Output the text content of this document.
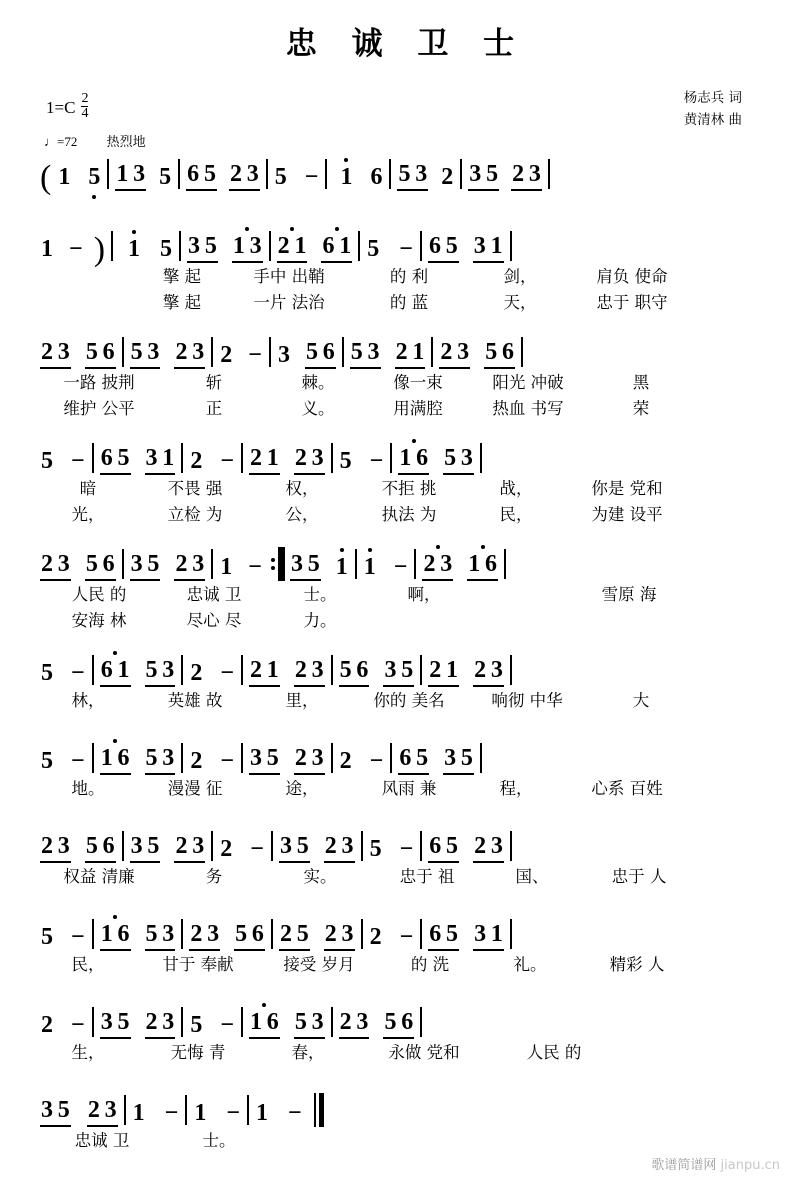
忠 诚 卫 士
$1=C \frac{2}{4}$	杨志兵 词
黄清林 曲
♩=72 热烈地
( 1 5 1 3 5 6 5 2 3 5 − 1 6 5 3 2 3 5 2 3
1 − ) 1 5 3 5 1 3 2 1 6 1 5 − 6 5 3 1
擎 起	手中 出鞘	的 利	剑，	肩负 使命
擎 起	一片 法治	的 蓝	天，	忠于 职守
2 3 5 6 5 3 2 3 2 − 3 5 6 5 3 2 1 2 3 5 6
一路 披荆	斩	棘。	像一束	阳光 冲破	黑
维护 公平	正	义。	用满腔	热血 书写	荣
5 − 6 5 3 1 2 − 2 1 2 3 5 − 1 6 5 3
暗	不畏 强	权，	不拒 挑	战，	你是 党和
光，	立检 为	公，	执法 为	民，	为建 设平
2 3 5 6 3 5 2 3 1 − 3 5 1 1 − 2 3 1 6
人民 的	忠诚 卫	士。	啊，	雪原 海
安海 林	尽心 尽	力。
5 − 6 1 5 3 2 − 2 1 2 3 5 6 3 5 2 1 2 3
林，	英雄 故	里，	你的 美名	响彻 中华	大
5 − 1 6 5 3 2 − 3 5 2 3 2 − 6 5 3 5
地。	漫漫 征	途，	风雨 兼	程，	心系 百姓
2 3 5 6 3 5 2 3 2 − 3 5 2 3 5 − 6 5 2 3
权益 清廉	务	实。	忠于 祖	国、	忠于 人
5 − 1 6 5 3 2 3 5 6 2 5 2 3 2 − 6 5 3 1
民，	甘于 奉献	接受 岁月	的 洗	礼。	精彩 人
2 − 3 5 2 3 5 − 1 6 5 3 2 3 5 6
生，	无悔 青	春，	永做 党和	人民 的
3 5 2 3 1 − 1 − 1 −
忠诚 卫	士。
歌谱简谱网 jianpu.cn
